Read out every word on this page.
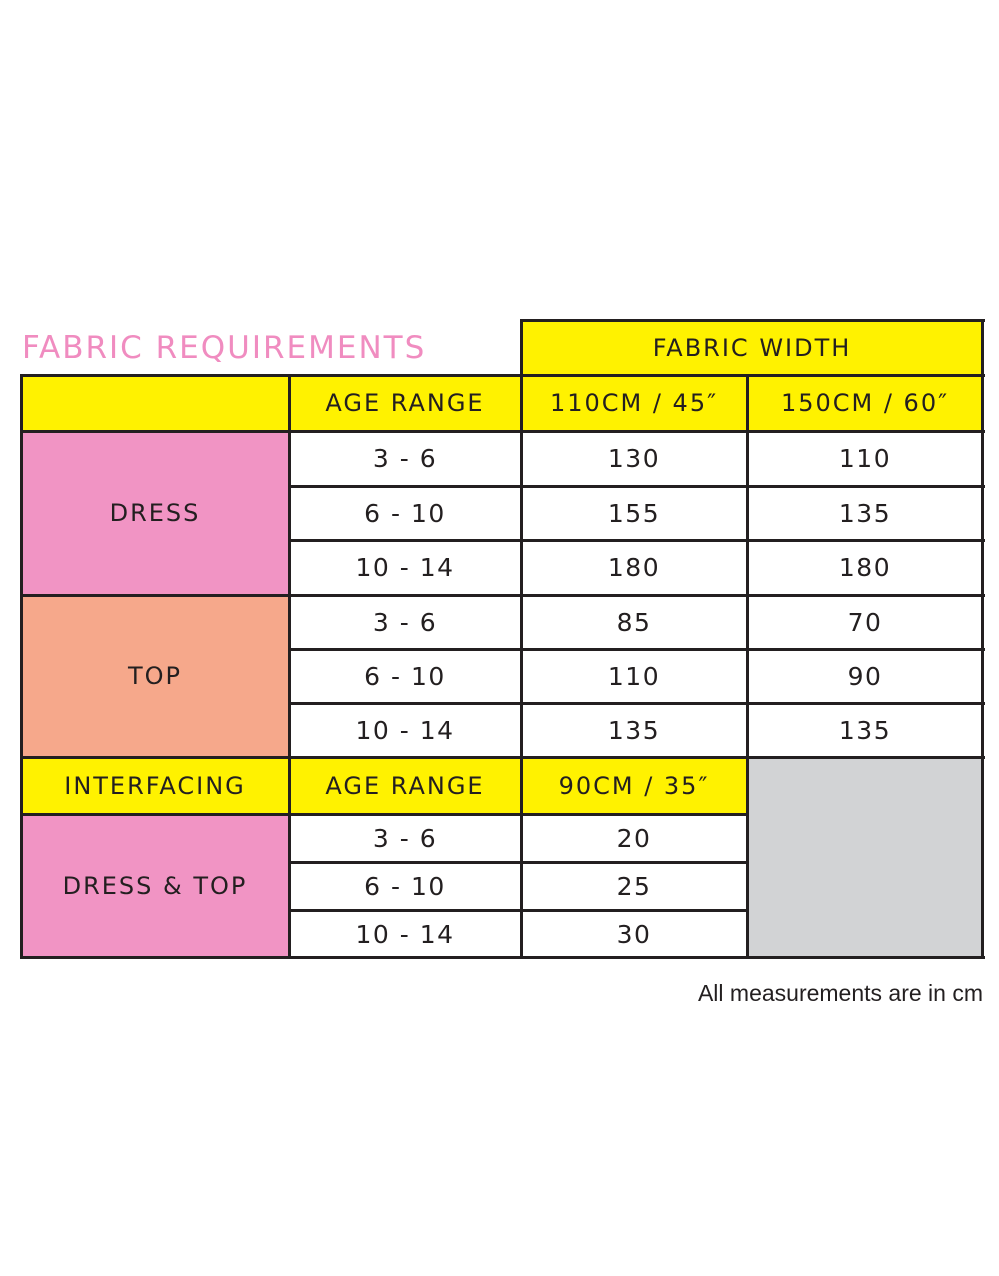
FABRIC REQUIREMENTS	FABRIC WIDTH
AGE RANGE	110CM / 45″	150CM / 60″
DRESS
3 - 6	130	110
6 - 10	155	135
10 - 14	180	180
TOP
3 - 6	85	70
6 - 10	110	90
10 - 14	135	135
INTERFACING	AGE RANGE	90CM / 35″
DRESS & TOP
3 - 6	20
6 - 10	25
10 - 14	30
All measurements are in cm
